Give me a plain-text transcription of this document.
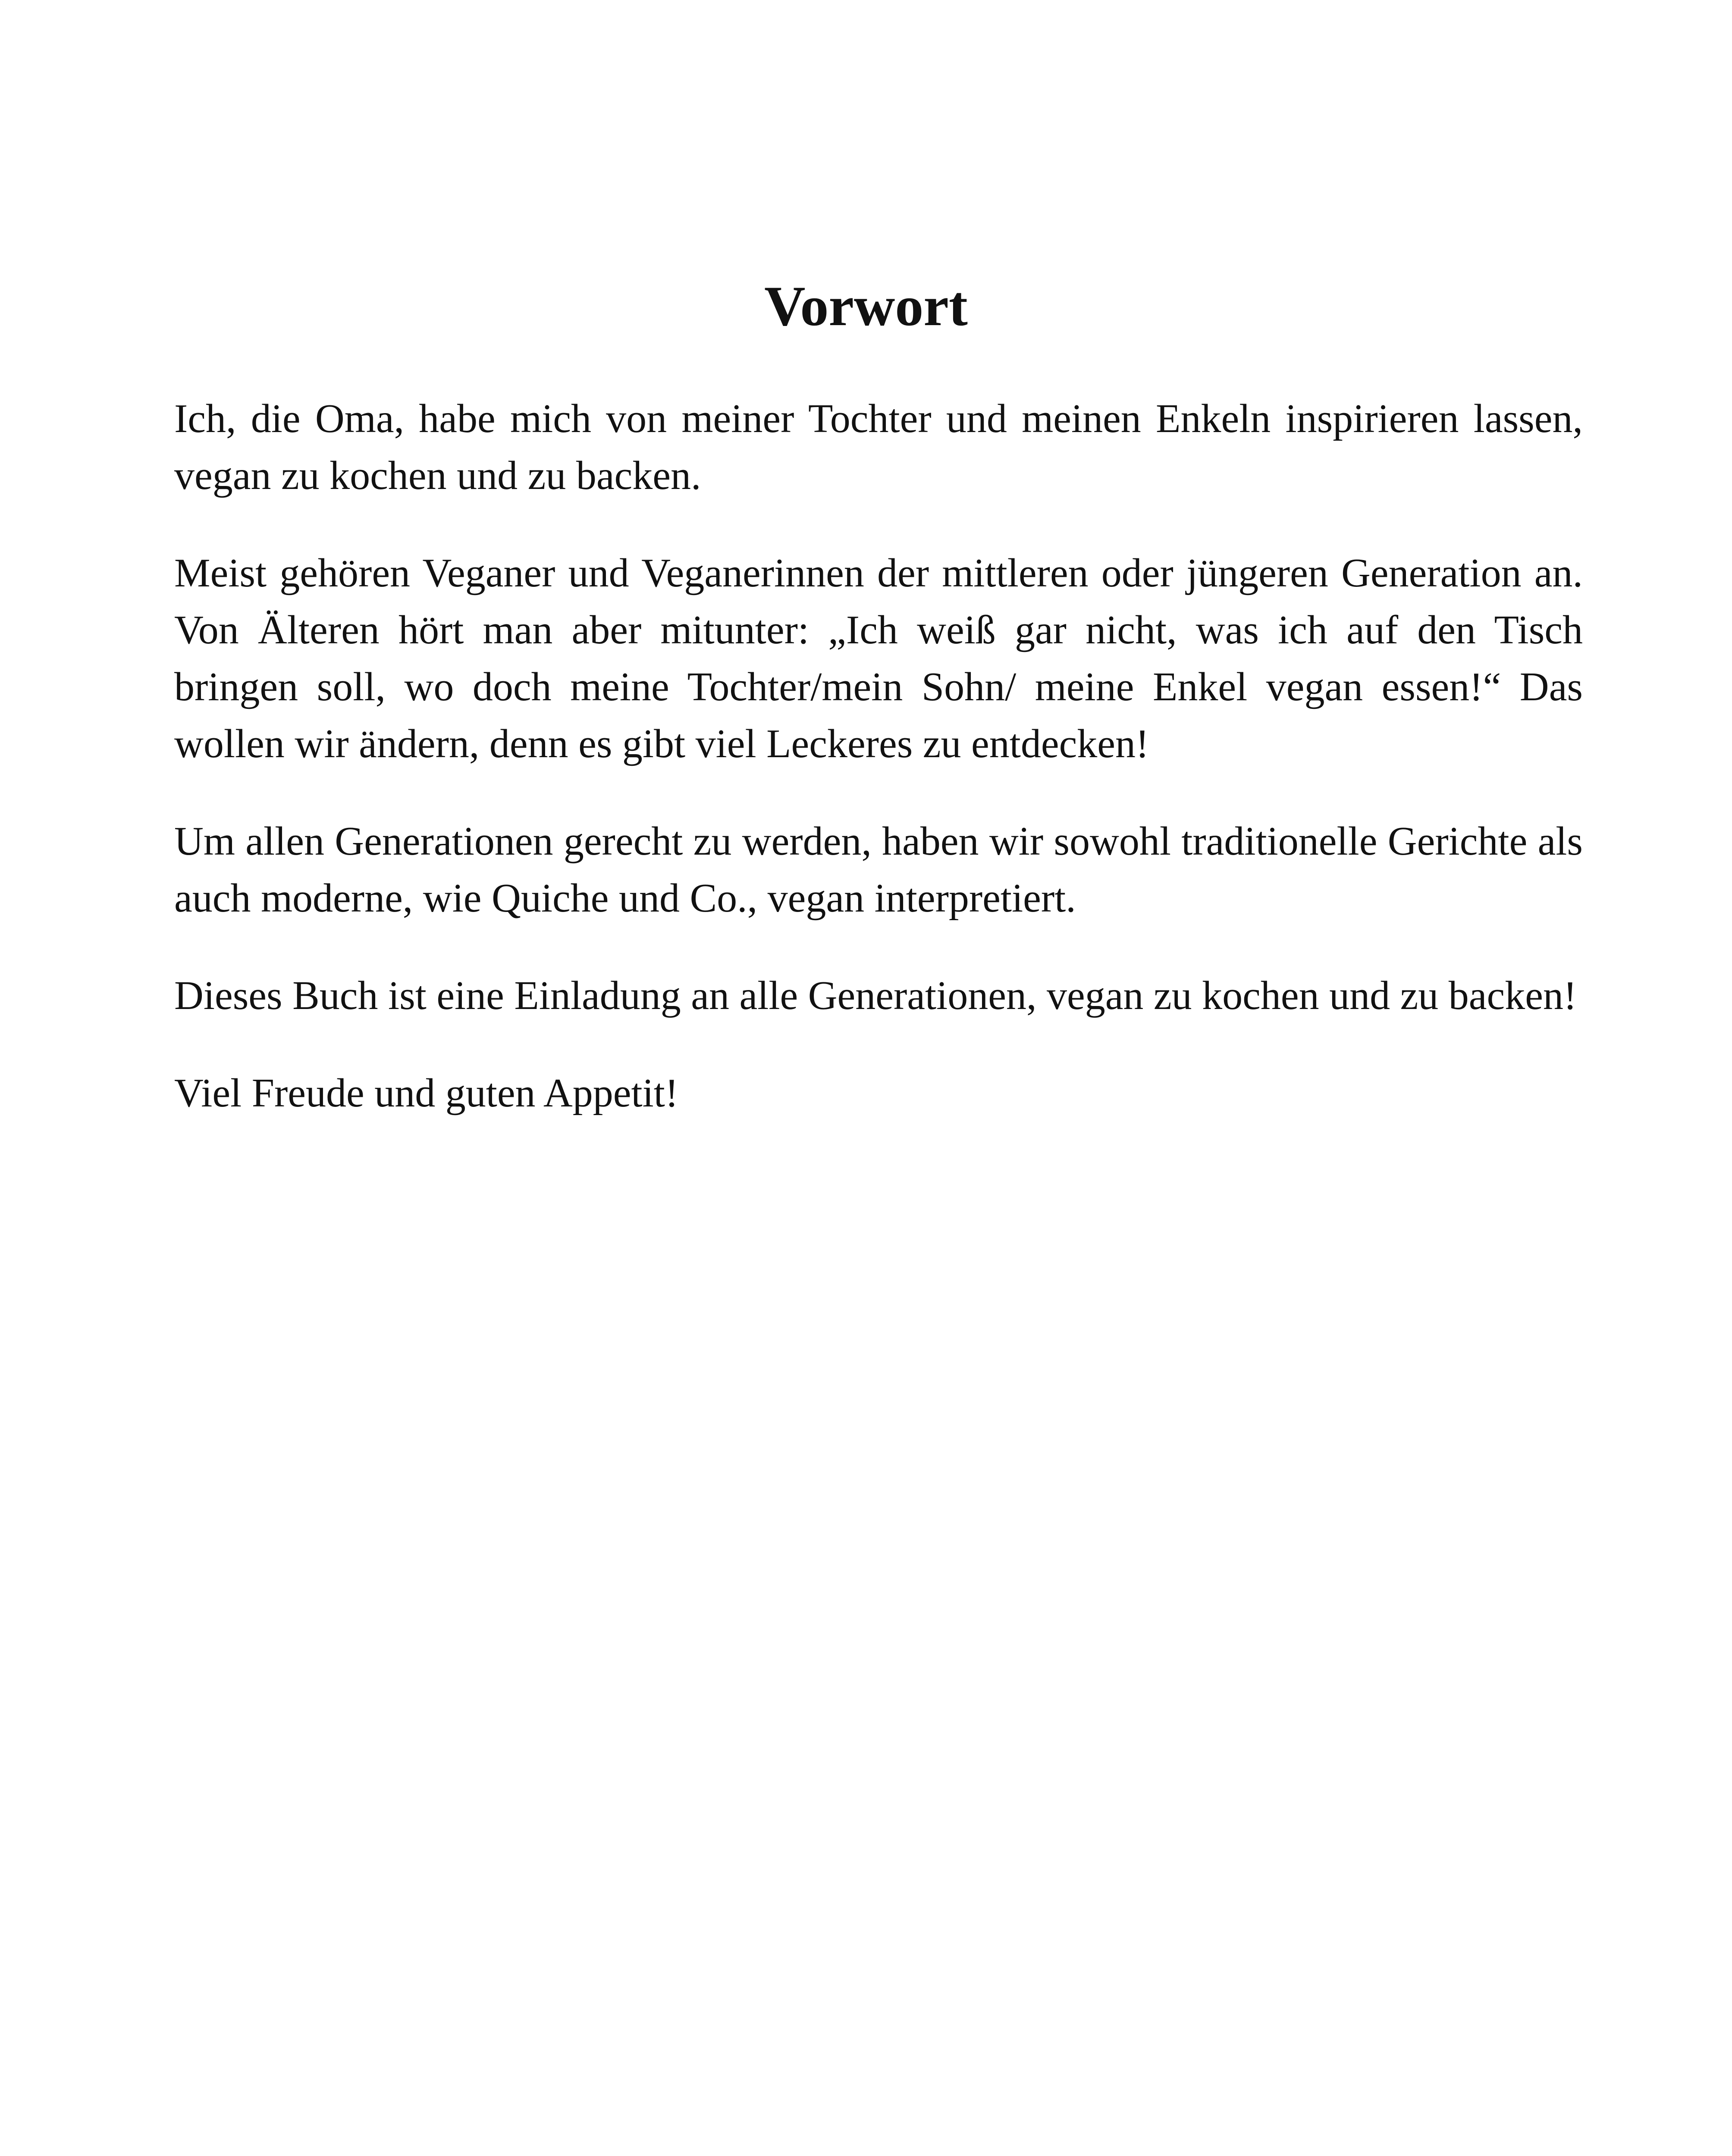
Vorwort

Ich, die Oma, habe mich von meiner Tochter und meinen Enkeln inspirieren lassen, vegan zu kochen und zu backen.

Meist gehören Veganer und Veganerinnen der mittleren oder jüngeren Generation an. Von Älteren hört man aber mitunter: „Ich weiß gar nicht, was ich auf den Tisch bringen soll, wo doch meine Tochter/mein Sohn/ meine Enkel vegan essen!“ Das wollen wir ändern, denn es gibt viel Leckeres zu entdecken!

Um allen Generationen gerecht zu werden, haben wir sowohl traditionelle Gerichte als auch moderne, wie Quiche und Co., vegan interpretiert.

Dieses Buch ist eine Einladung an alle Generationen, vegan zu kochen und zu backen!

Viel Freude und guten Appetit!
